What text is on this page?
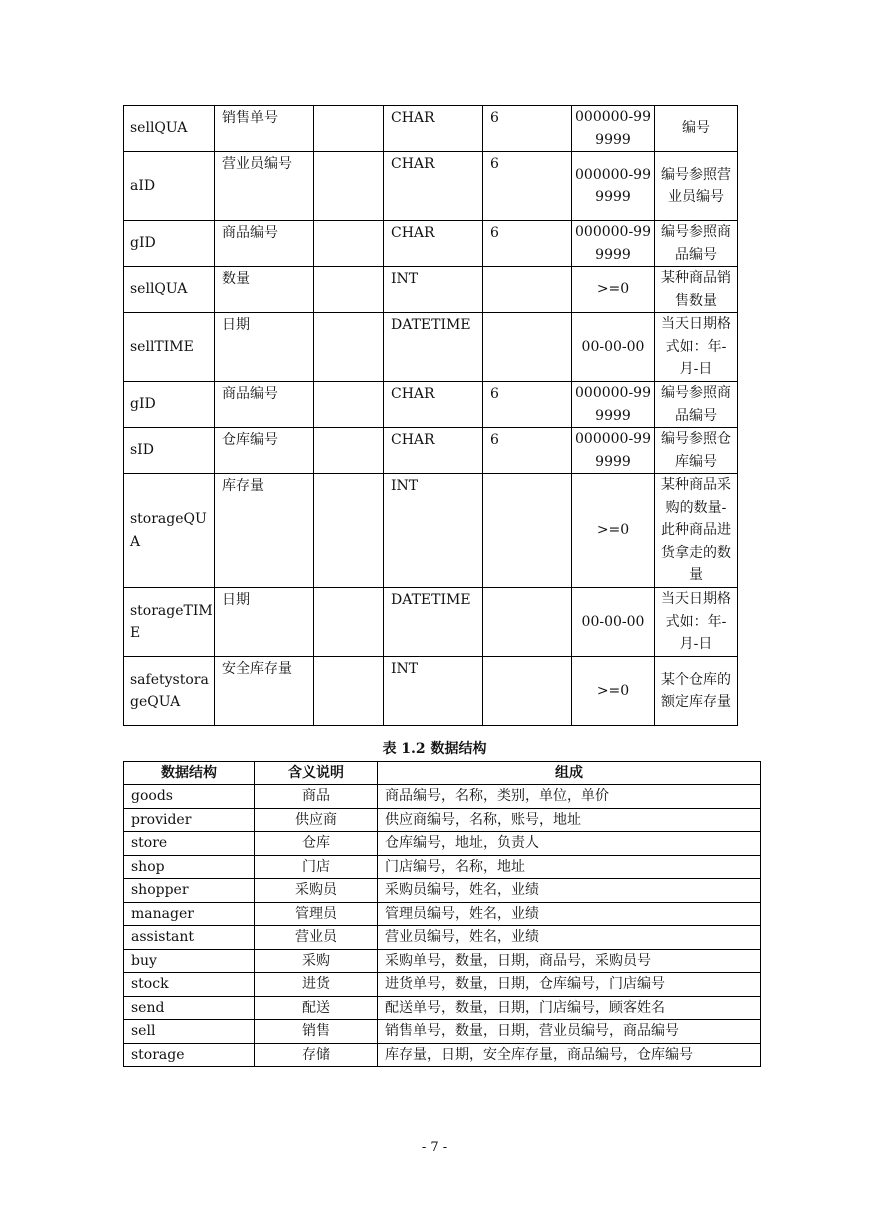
sellQUA	销售单号		CHAR	6	000000-999999	编号
aID	营业员编号		CHAR	6	000000-999999	编号参照营业员编号
gID	商品编号		CHAR	6	000000-999999	编号参照商品编号
sellQUA	数量		INT		>=0	某种商品销售数量
sellTIME	日期		DATETIME		00-00-00	当天日期格式如：年-月-日
gID	商品编号		CHAR	6	000000-999999	编号参照商品编号
sID	仓库编号		CHAR	6	000000-999999	编号参照仓库编号
storageQUA	库存量		INT		>=0	某种商品采购的数量-此种商品进货拿走的数量
storageTIME	日期		DATETIME		00-00-00	当天日期格式如：年-月-日
safetystorageQUA	安全库存量		INT		>=0	某个仓库的额定库存量
表 1.2 数据结构
数据结构	含义说明	组成
goods	商品	商品编号，名称，类别，单位，单价
provider	供应商	供应商编号，名称，账号，地址
store	仓库	仓库编号，地址，负责人
shop	门店	门店编号，名称，地址
shopper	采购员	采购员编号，姓名，业绩
manager	管理员	管理员编号，姓名，业绩
assistant	营业员	营业员编号，姓名，业绩
buy	采购	采购单号，数量，日期，商品号，采购员号
stock	进货	进货单号，数量，日期，仓库编号，门店编号
send	配送	配送单号，数量，日期，门店编号，顾客姓名
sell	销售	销售单号，数量，日期，营业员编号，商品编号
storage	存储	库存量，日期，安全库存量，商品编号，仓库编号
- 7 -
